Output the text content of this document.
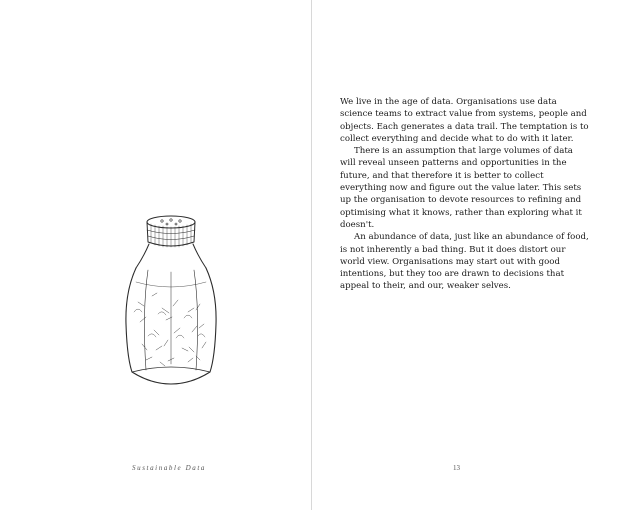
Sustainable Data

We live in the age of data. Organisations use data science teams to extract value from systems, people and objects. Each generates a data trail. The temptation is to collect everything and decide what to do with it later.

There is an assumption that large volumes of data will reveal unseen patterns and opportunities in the future, and that therefore it is better to collect everything now and figure out the value later. This sets up the organisation to devote resources to refining and optimising what it knows, rather than exploring what it doesn't.

An abundance of data, just like an abundance of food, is not inherently a bad thing. But it does distort our world view. Organisations may start out with good intentions, but they too are drawn to decisions that appeal to their, and our, weaker selves.

13
